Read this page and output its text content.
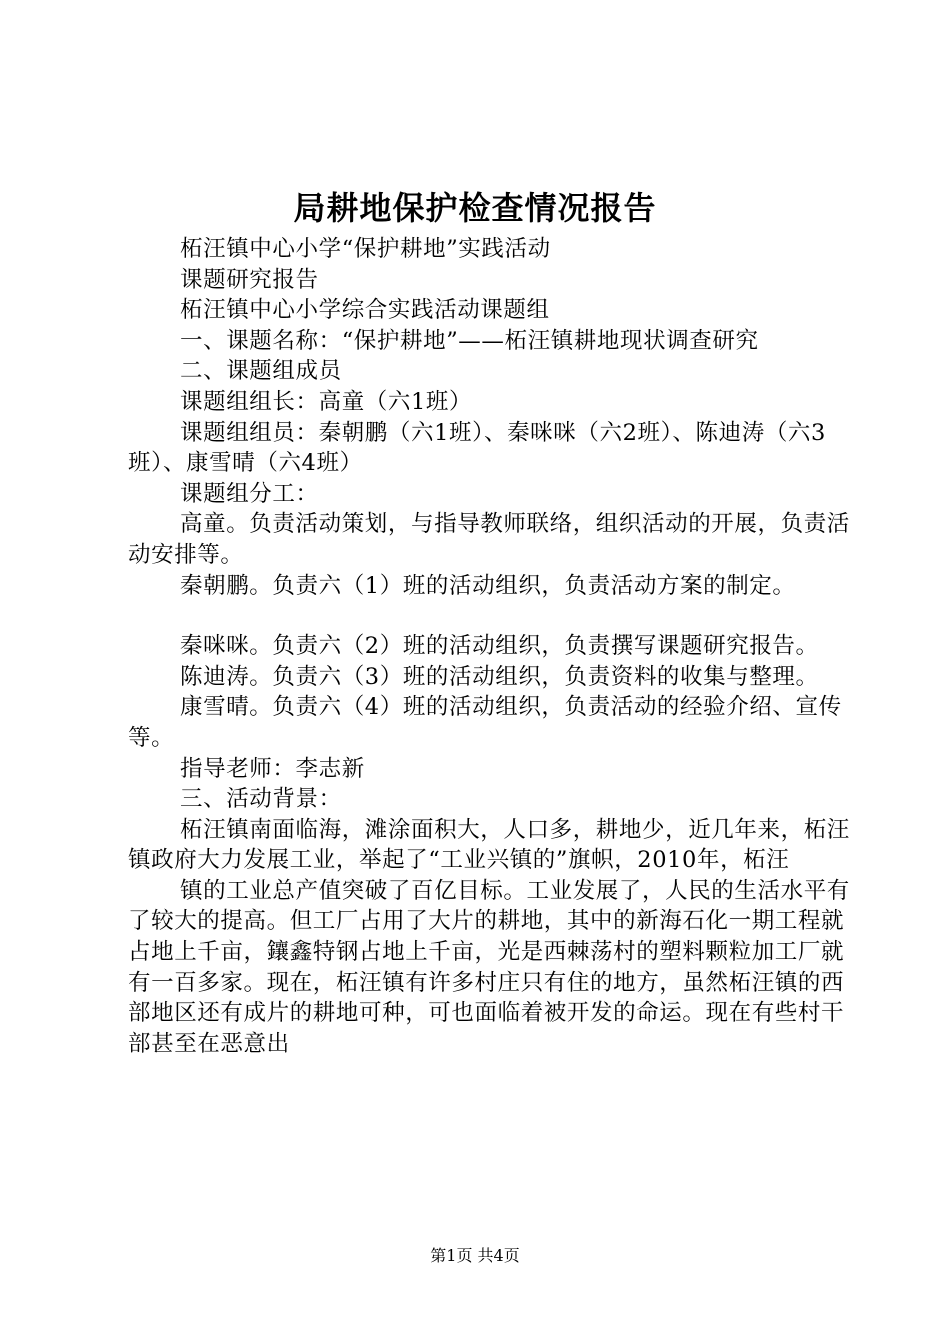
局耕地保护检查情况报告

柘汪镇中心小学“保护耕地”实践活动

课题研究报告

柘汪镇中心小学综合实践活动课题组

一、课题名称：“保护耕地”——柘汪镇耕地现状调查研究

二、课题组成员

课题组组长：高童（六1班）

课题组组员：秦朝鹏（六1班）、秦咪咪（六2班）、陈迪涛（六3班）、康雪晴（六4班）

课题组分工：

高童。负责活动策划，与指导教师联络，组织活动的开展，负责活动安排等。

秦朝鹏。负责六（1）班的活动组织，负责活动方案的制定。

秦咪咪。负责六（2）班的活动组织，负责撰写课题研究报告。

陈迪涛。负责六（3）班的活动组织，负责资料的收集与整理。

康雪晴。负责六（4）班的活动组织，负责活动的经验介绍、宣传等。

指导老师：李志新

三、活动背景：

柘汪镇南面临海，滩涂面积大，人口多，耕地少，近几年来，柘汪镇政府大力发展工业，举起了“工业兴镇的”旗帜，2010年，柘汪

镇的工业总产值突破了百亿目标。工业发展了，人民的生活水平有了较大的提高。但工厂占用了大片的耕地，其中的新海石化一期工程就占地上千亩，鑲鑫特钢占地上千亩，光是西棘荡村的塑料颗粒加工厂就有一百多家。现在，柘汪镇有许多村庄只有住的地方，虽然柘汪镇的西部地区还有成片的耕地可种，可也面临着被开发的命运。现在有些村干部甚至在恶意出

第1页 共4页
